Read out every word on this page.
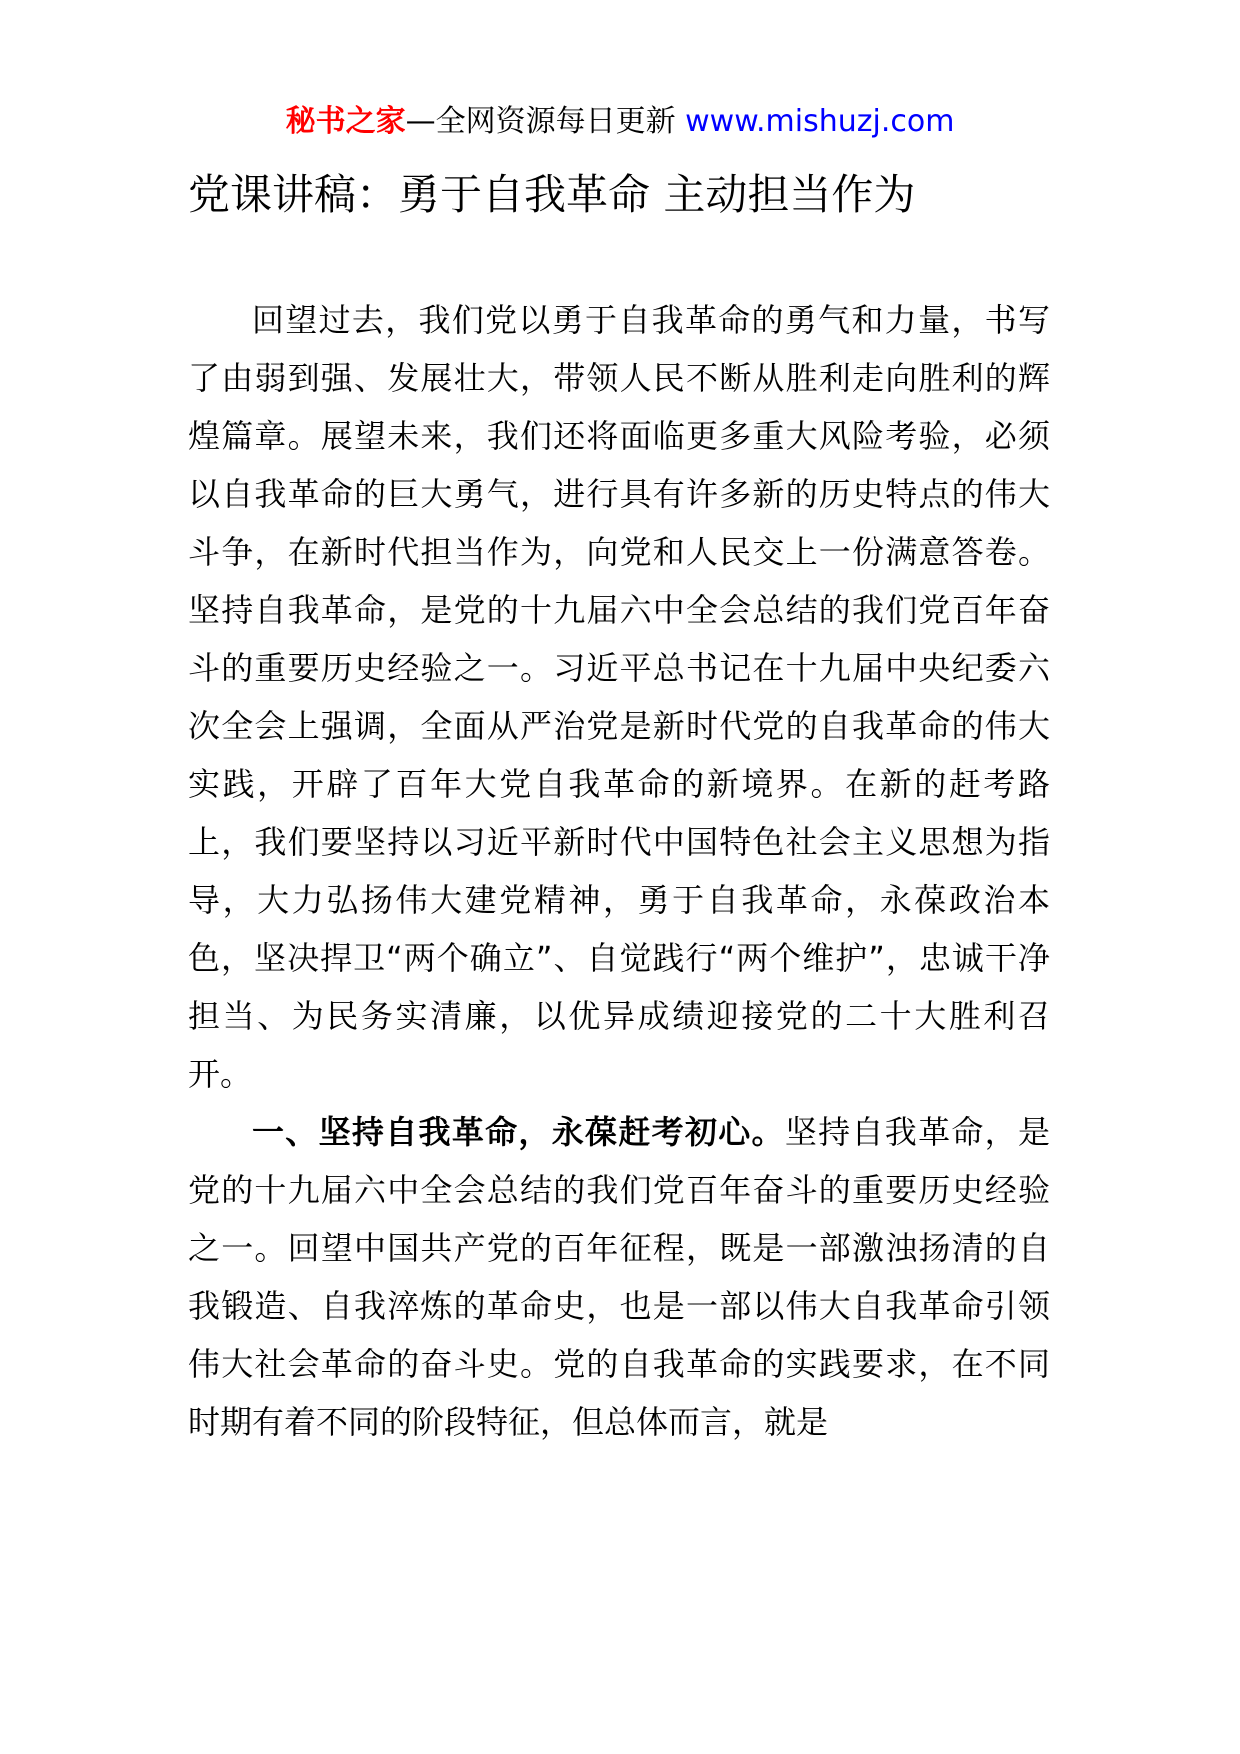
秘书之家—全网资源每日更新 www.mishuzj.com
党课讲稿：勇于自我革命 主动担当作为

回望过去，我们党以勇于自我革命的勇气和力量，书写了由弱到强、发展壮大，带领人民不断从胜利走向胜利的辉煌篇章。展望未来，我们还将面临更多重大风险考验，必须以自我革命的巨大勇气，进行具有许多新的历史特点的伟大斗争，在新时代担当作为，向党和人民交上一份满意答卷。坚持自我革命，是党的十九届六中全会总结的我们党百年奋斗的重要历史经验之一。习近平总书记在十九届中央纪委六次全会上强调，全面从严治党是新时代党的自我革命的伟大实践，开辟了百年大党自我革命的新境界。在新的赶考路上，我们要坚持以习近平新时代中国特色社会主义思想为指导，大力弘扬伟大建党精神，勇于自我革命，永葆政治本色，坚决捍卫“两个确立”、自觉践行“两个维护”，忠诚干净担当、为民务实清廉，以优异成绩迎接党的二十大胜利召开。

一、坚持自我革命，永葆赶考初心。坚持自我革命，是党的十九届六中全会总结的我们党百年奋斗的重要历史经验之一。回望中国共产党的百年征程，既是一部激浊扬清的自我锻造、自我淬炼的革命史，也是一部以伟大自我革命引领伟大社会革命的奋斗史。党的自我革命的实践要求，在不同时期有着不同的阶段特征，但总体而言，就是
